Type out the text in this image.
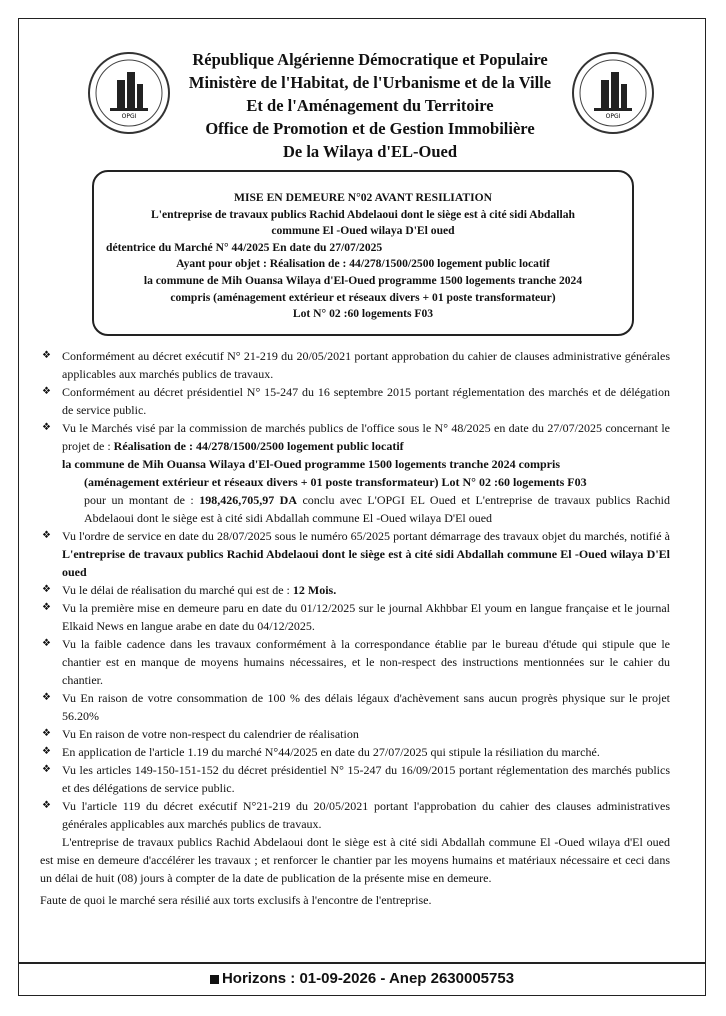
OPGI	OPGI
République Algérienne Démocratique et Populaire
Ministère de l'Habitat, de l'Urbanisme et de la Ville
Et de l'Aménagement du Territoire
Office de Promotion et de Gestion Immobilière
De la Wilaya d'EL-Oued
MISE EN DEMEURE N°02 AVANT RESILIATION
L'entreprise de travaux publics Rachid Abdelaoui dont le siège est à cité sidi Abdallah
commune El -Oued wilaya D'El oued
détentrice du Marché N° 44/2025 En date du 27/07/2025
Ayant pour objet : Réalisation de : 44/278/1500/2500 logement public locatif
la commune de Mih Ouansa Wilaya d'El-Oued programme 1500 logements tranche 2024
compris (aménagement extérieur et réseaux divers + 01 poste transformateur)
Lot N° 02 :60 logements F03
❖ Conformément au décret exécutif N° 21-219 du 20/05/2021 portant approbation du cahier de clauses administrative générales applicables aux marchés publics de travaux.
❖ Conformément au décret présidentiel N° 15-247 du 16 septembre 2015 portant réglementation des marchés et de délégation de service public.
❖ Vu le Marchés visé par la commission de marchés publics de l'office sous le N° 48/2025 en date du 27/07/2025 concernant le projet de : Réalisation de : 44/278/1500/2500 logement public locatif
la commune de Mih Ouansa Wilaya d'El-Oued programme 1500 logements tranche 2024 compris
(aménagement extérieur et réseaux divers + 01 poste transformateur) Lot N° 02 :60 logements F03
pour un montant de : 198,426,705,97 DA conclu avec L'OPGI EL Oued et L'entreprise de travaux publics Rachid Abdelaoui dont le siège est à cité sidi Abdallah commune El -Oued wilaya D'El oued
❖ Vu l'ordre de service en date du 28/07/2025 sous le numéro 65/2025 portant démarrage des travaux objet du marchés, notifié à L'entreprise de travaux publics Rachid Abdelaoui dont le siège est à cité sidi Abdallah commune El -Oued wilaya D'El oued
❖ Vu le délai de réalisation du marché qui est de : 12 Mois.
❖ Vu la première mise en demeure paru en date du 01/12/2025 sur le journal Akhbbar El youm en langue française et le journal Elkaid News en langue arabe en date du 04/12/2025.
❖ Vu la faible cadence dans les travaux conformément à la correspondance établie par le bureau d'étude qui stipule que le chantier est en manque de moyens humains nécessaires, et le non-respect des instructions mentionnées sur le cahier du chantier.
❖ Vu En raison de votre consommation de 100 % des délais légaux d'achèvement sans aucun progrès physique sur le projet 56.20%
❖ Vu En raison de votre non-respect du calendrier de réalisation
❖ En application de l'article 1.19 du marché N°44/2025 en date du 27/07/2025 qui stipule la résiliation du marché.
❖ Vu les articles 149-150-151-152 du décret présidentiel N° 15-247 du 16/09/2015 portant réglementation des marchés publics et des délégations de service public.
❖ Vu l'article 119 du décret exécutif N°21-219 du 20/05/2021 portant l'approbation du cahier des clauses administratives générales applicables aux marchés publics de travaux.
L'entreprise de travaux publics Rachid Abdelaoui dont le siège est à cité sidi Abdallah commune El -Oued wilaya d'El oued est mise en demeure d'accélérer les travaux ; et renforcer le chantier par les moyens humains et matériaux nécessaire et ceci dans un délai de huit (08) jours à compter de la date de publication de la présente mise en demeure.
Faute de quoi le marché sera résilié aux torts exclusifs à l'encontre de l'entreprise.
Horizons : 01-09-2026 - Anep 2630005753
